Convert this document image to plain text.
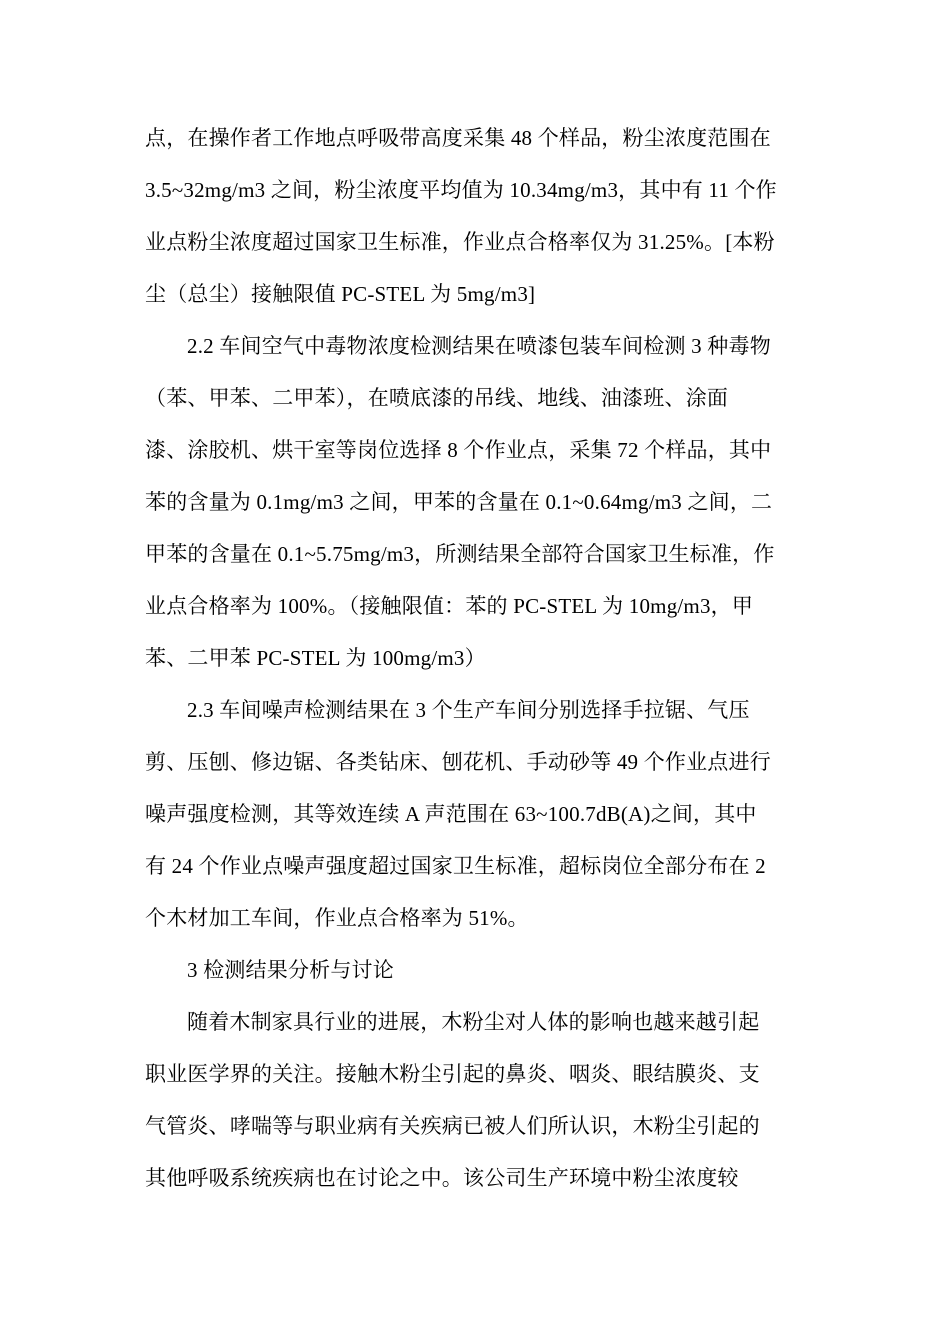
点，在操作者工作地点呼吸带高度采集 48 个样品，粉尘浓度范围在
3.5~32mg/m3 之间，粉尘浓度平均值为 10.34mg/m3，其中有 11 个作
业点粉尘浓度超过国家卫生标准，作业点合格率仅为 31.25%。[本粉
尘（总尘）接触限值 PC-STEL 为 5mg/m3]
2.2 车间空气中毒物浓度检测结果在喷漆包装车间检测 3 种毒物
（苯、甲苯、二甲苯），在喷底漆的吊线、地线、油漆班、涂面
漆、涂胶机、烘干室等岗位选择 8 个作业点，采集 72 个样品，其中
苯的含量为 0.1mg/m3 之间，甲苯的含量在 0.1~0.64mg/m3 之间，二
甲苯的含量在 0.1~5.75mg/m3，所测结果全部符合国家卫生标准，作
业点合格率为 100%。（接触限值：苯的 PC-STEL 为 10mg/m3，甲
苯、二甲苯 PC-STEL 为 100mg/m3）
2.3 车间噪声检测结果在 3 个生产车间分别选择手拉锯、气压
剪、压刨、修边锯、各类钻床、刨花机、手动砂等 49 个作业点进行
噪声强度检测，其等效连续 A 声范围在 63~100.7dB(A)之间，其中
有 24 个作业点噪声强度超过国家卫生标准，超标岗位全部分布在 2
个木材加工车间，作业点合格率为 51%。
3 检测结果分析与讨论
随着木制家具行业的进展，木粉尘对人体的影响也越来越引起
职业医学界的关注。接触木粉尘引起的鼻炎、咽炎、眼结膜炎、支
气管炎、哮喘等与职业病有关疾病已被人们所认识，木粉尘引起的
其他呼吸系统疾病也在讨论之中。该公司生产环境中粉尘浓度较
